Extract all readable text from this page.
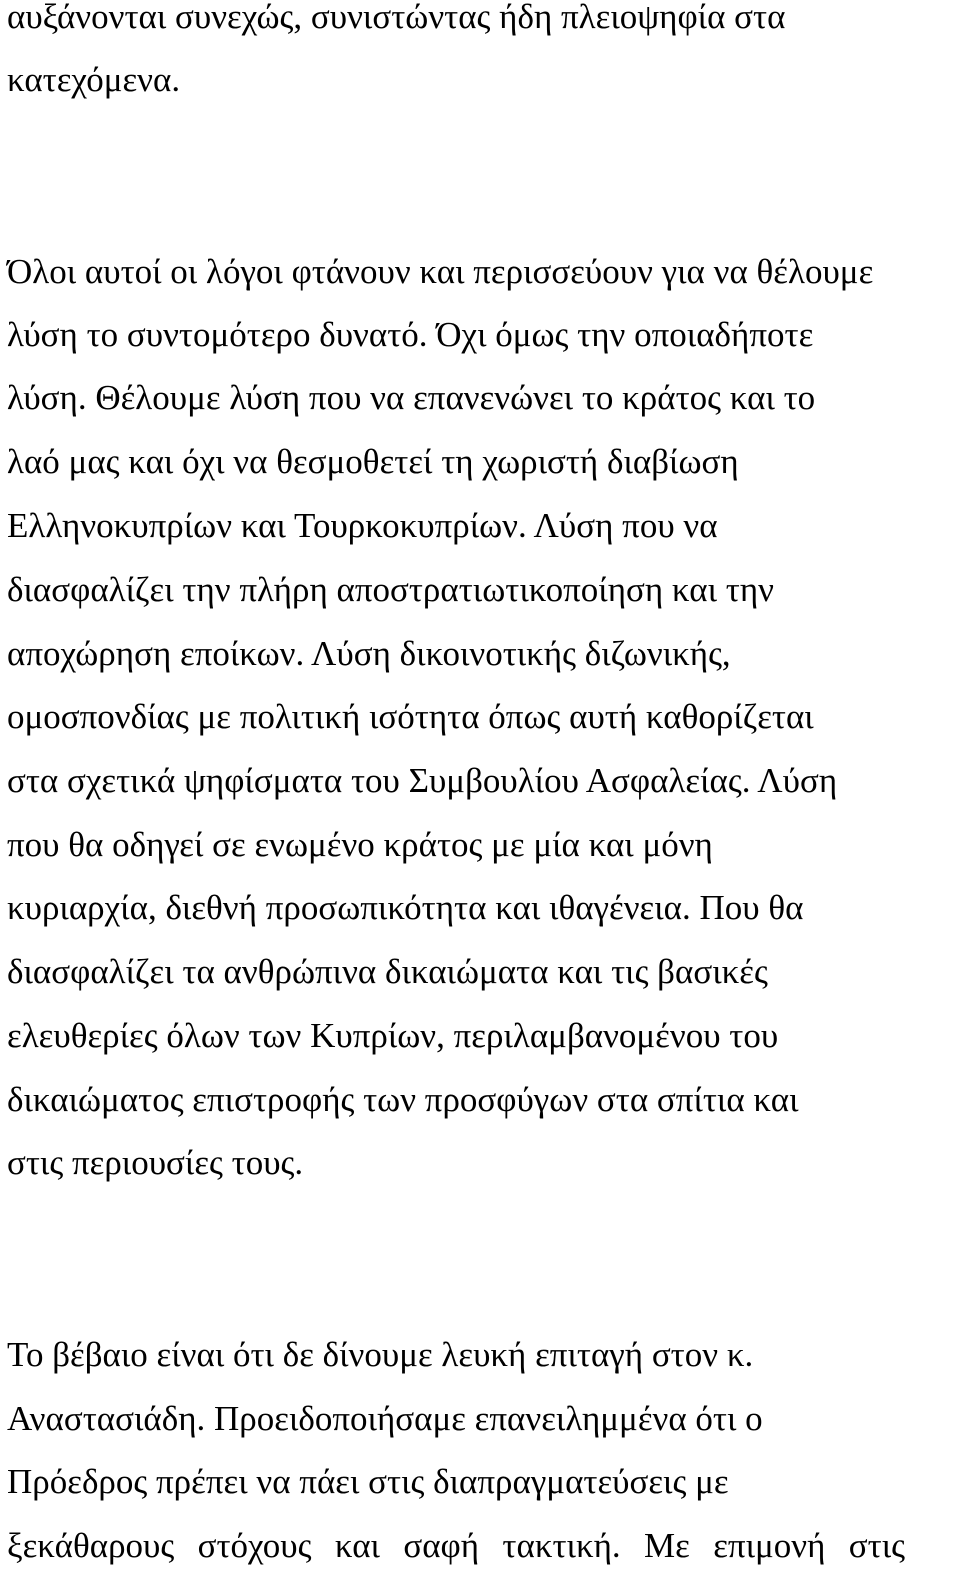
αυξάνονται συνεχώς, συνιστώντας ήδη πλειοψηφία στα
κατεχόμενα.
Όλοι αυτοί οι λόγοι φτάνουν και περισσεύουν για να θέλουμε
λύση το συντομότερο δυνατό. Όχι όμως την οποιαδήποτε
λύση. Θέλουμε λύση που να επανενώνει το κράτος και το
λαό μας και όχι να θεσμοθετεί τη χωριστή διαβίωση
Ελληνοκυπρίων και Τουρκοκυπρίων. Λύση που να
διασφαλίζει την πλήρη αποστρατιωτικοποίηση και την
αποχώρηση εποίκων. Λύση δικοινοτικής διζωνικής,
ομοσπονδίας με πολιτική ισότητα όπως αυτή καθορίζεται
στα σχετικά ψηφίσματα του Συμβουλίου Ασφαλείας. Λύση
που θα οδηγεί σε ενωμένο κράτος με μία και μόνη
κυριαρχία, διεθνή προσωπικότητα και ιθαγένεια. Που θα
διασφαλίζει τα ανθρώπινα δικαιώματα και τις βασικές
ελευθερίες όλων των Κυπρίων, περιλαμβανομένου του
δικαιώματος επιστροφής των προσφύγων στα σπίτια και
στις περιουσίες τους.
Το βέβαιο είναι ότι δε δίνουμε λευκή επιταγή στον κ.
Αναστασιάδη. Προειδοποιήσαμε επανειλημμένα ότι ο
Πρόεδρος πρέπει να πάει στις διαπραγματεύσεις με
ξεκάθαρους στόχους και σαφή τακτική. Με επιμονή στις
